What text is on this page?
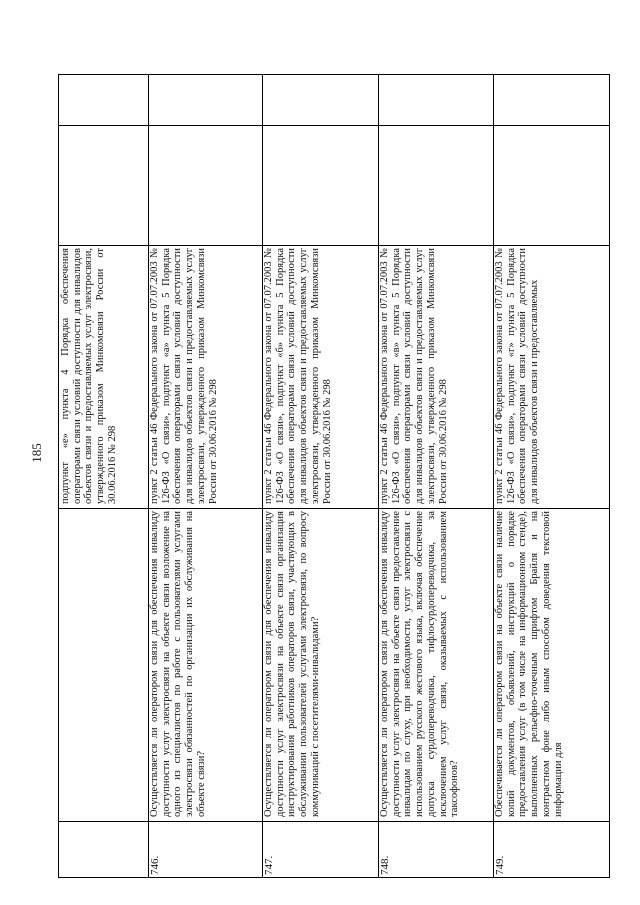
185 подпункт «е» пункта 4 Порядка обеспечения операторами связи условий доступности для инвалидов объектов связи и предоставляемых услуг электросвязи, утвержденного приказом Минкомсвязи России от 30.06.2016 № 298
746.
Осуществляется ли оператором связи для обеспечения инвалиду доступности услуг электросвязи на объекте связи возложение на одного из специалистов по работе с пользователями услугами электросвязи обязанностей по организации их обслуживания на объекте связи?
пункт 2 статьи 46 Федерального закона от 07.07.2003 № 126-ФЗ «О связи», подпункт «а» пункта 5 Порядка обеспечения операторами связи условий доступности для инвалидов объектов связи и предоставляемых услуг электросвязи, утвержденного приказом Минкомсвязи России от 30.06.2016 № 298
747.
Осуществляется ли оператором связи для обеспечения инвалиду доступности услуг электросвязи на объекте связи организация инструктирования работников операторов связи, участвующих в обслуживании пользователей услугами электросвязи, по вопросу коммуникаций с посетителями-инвалидами?
пункт 2 статьи 46 Федерального закона от 07.07.2003 № 126-ФЗ «О связи», подпункт «б» пункта 5 Порядка обеспечения операторами связи условий доступности для инвалидов объектов связи и предоставляемых услуг электросвязи, утвержденного приказом Минкомсвязи России от 30.06.2016 № 298
748.
Осуществляется ли оператором связи для обеспечения инвалиду доступности услуг электросвязи на объекте связи предоставление инвалидам по слуху, при необходимости, услуг электросвязи с использованием русского жестового языка, включая обеспечение допуска сурдопереводчика, тифлосурдопереводчика, за исключением услуг связи, оказываемых с использованием таксофонов?
пункт 2 статьи 46 Федерального закона от 07.07.2003 № 126-ФЗ «О связи», подпункт «в» пункта 5 Порядка обеспечения операторами связи условий доступности для инвалидов объектов связи и предоставляемых услуг электросвязи, утвержденного приказом Минкомсвязи России от 30.06.2016 № 298
749.
Обеспечивается ли оператором связи на объекте связи наличие копий документов, объявлений, инструкций о порядке предоставления услуг (в том числе на информационном стенде), выполненных рельефно-точечным шрифтом Брайля и на контрастном фоне либо иным способом доведения текстовой информации для
пункт 2 статьи 46 Федерального закона от 07.07.2003 № 126-ФЗ «О связи», подпункт «г» пункта 5 Порядка обеспечения операторами связи условий доступности для инвалидов объектов связи и предоставляемых
